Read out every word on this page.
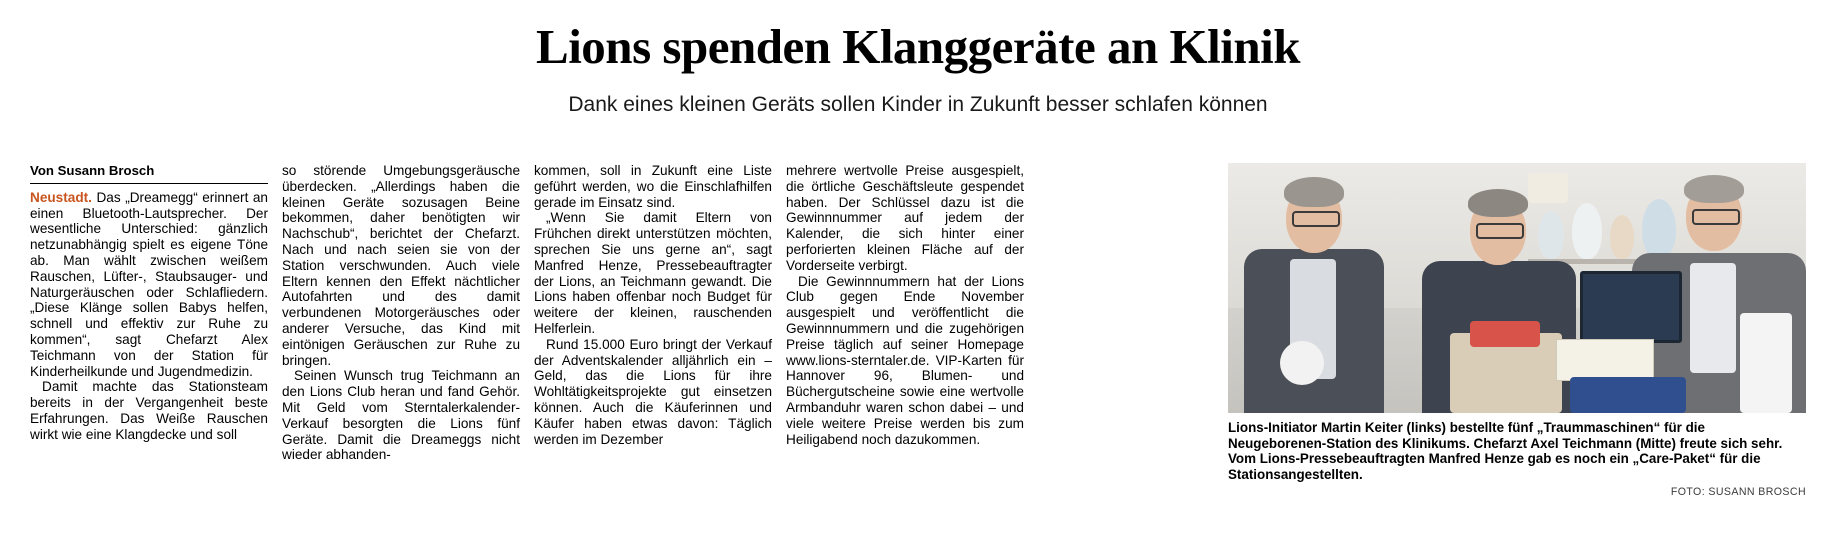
Lions spenden Klanggeräte an Klinik
Dank eines kleinen Geräts sollen Kinder in Zukunft besser schlafen können
Von Susann Brosch

Neustadt. Das „Dreamegg“ erinnert an einen Bluetooth-Lautsprecher. Der wesentliche Unterschied: gänzlich netzunabhängig spielt es eigene Töne ab. Man wählt zwischen weißem Rauschen, Lüfter-, Staubsauger- und Naturgeräuschen oder Schlafliedern. „Diese Klänge sollen Babys helfen, schnell und effektiv zur Ruhe zu kommen“, sagt Chefarzt Alex Teichmann von der Station für Kinderheilkunde und Jugendmedizin.

Damit machte das Stationsteam bereits in der Vergangenheit beste Erfahrungen. Das Weiße Rauschen wirkt wie eine Klangdecke und soll

so störende Umgebungsgeräusche überdecken. „Allerdings haben die kleinen Geräte sozusagen Beine bekommen, daher benötigten wir Nachschub“, berichtet der Chefarzt. Nach und nach seien sie von der Station verschwunden. Auch viele Eltern kennen den Effekt nächtlicher Autofahrten und des damit verbundenen Motorgeräusches oder anderer Versuche, das Kind mit eintönigen Geräuschen zur Ruhe zu bringen.

Seinen Wunsch trug Teichmann an den Lions Club heran und fand Gehör. Mit Geld vom Sterntalerkalender-Verkauf besorgten die Lions fünf Geräte. Damit die Dreameggs nicht wieder abhanden-

kommen, soll in Zukunft eine Liste geführt werden, wo die Einschlafhilfen gerade im Einsatz sind.

„Wenn Sie damit Eltern von Frühchen direkt unterstützen möchten, sprechen Sie uns gerne an“, sagt Manfred Henze, Pressebeauftragter der Lions, an Teichmann gewandt. Die Lions haben offenbar noch Budget für weitere der kleinen, rauschenden Helferlein.

Rund 15.000 Euro bringt der Verkauf der Adventskalender alljährlich ein – Geld, das die Lions für ihre Wohltätigkeitsprojekte gut einsetzen können. Auch die Käuferinnen und Käufer haben etwas davon: Täglich werden im Dezember

mehrere wertvolle Preise ausgespielt, die örtliche Geschäftsleute gespendet haben. Der Schlüssel dazu ist die Gewinnnummer auf jedem der Kalender, die sich hinter einer perforierten kleinen Fläche auf der Vorderseite verbirgt.

Die Gewinnnummern hat der Lions Club gegen Ende November ausgespielt und veröffentlicht die Gewinnnummern und die zugehörigen Preise täglich auf seiner Homepage www.lions-sterntaler.de. VIP-Karten für Hannover 96, Blumen- und Büchergutscheine sowie eine wertvolle Armbanduhr waren schon dabei – und viele weitere Preise werden bis zum Heiligabend noch dazukommen.

Lions-Initiator Martin Keiter (links) bestellte fünf „Traummaschinen“ für die Neugeborenen-Station des Klinikums. Chefarzt Axel Teichmann (Mitte) freute sich sehr. Vom Lions-Pressebeauftragten Manfred Henze gab es noch ein „Care-Paket“ für die Stationsangestellten.
FOTO: SUSANN BROSCH
